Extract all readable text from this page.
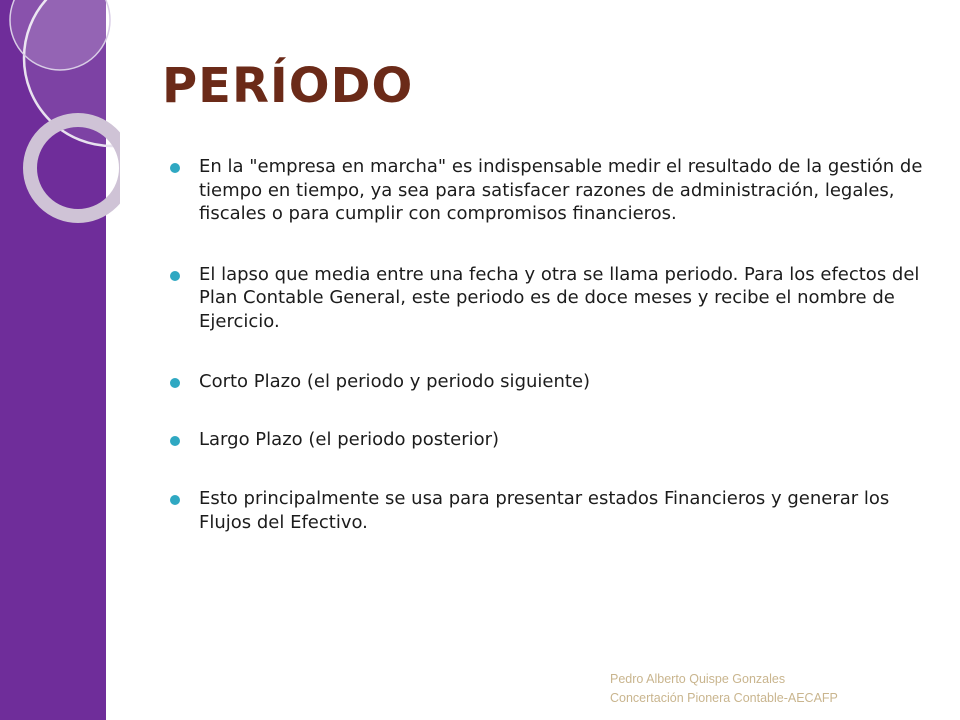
PERÍODO
En la "empresa en marcha" es indispensable medir el resultado de la gestión de tiempo en tiempo, ya sea para satisfacer razones de administración, legales, fiscales o para cumplir con compromisos financieros.
El lapso que media entre una fecha y otra se llama periodo. Para los efectos del Plan Contable General, este periodo es de doce meses y recibe el nombre de Ejercicio.
Corto Plazo (el periodo y periodo siguiente)
Largo Plazo (el periodo posterior)
Esto principalmente se usa para presentar estados Financieros y generar los Flujos del Efectivo.
Pedro Alberto Quispe Gonzales
Concertación Pionera Contable-AECAFP
